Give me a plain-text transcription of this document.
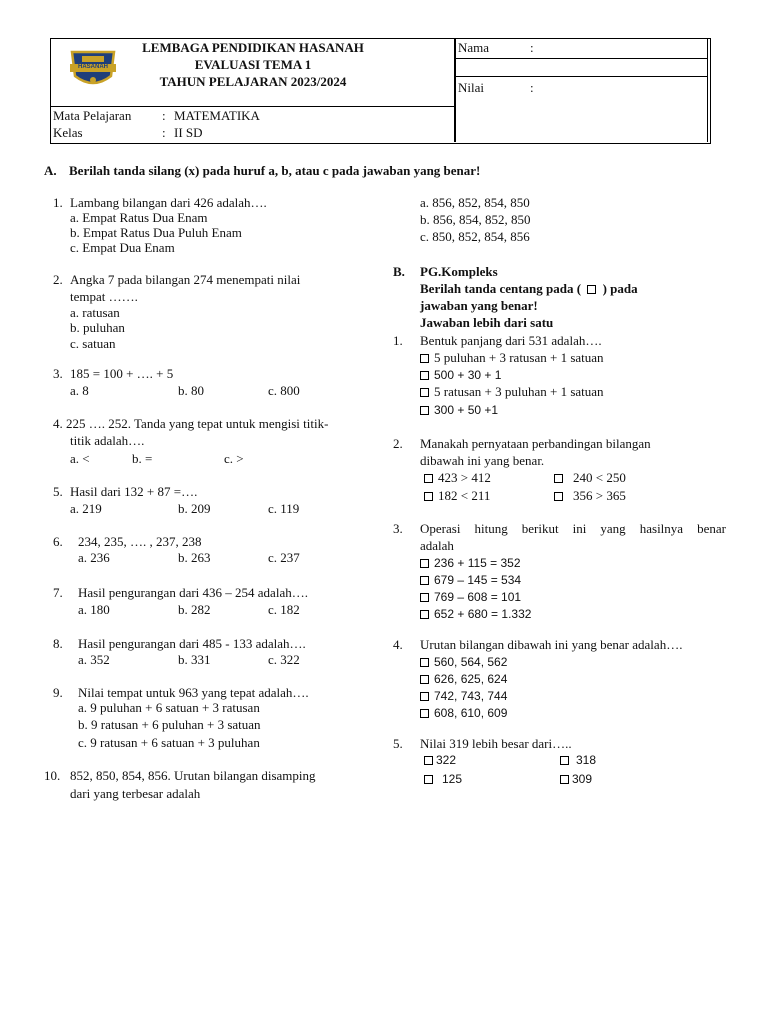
HASANAH
LEMBAGA PENDIDIKAN HASANAH
EVALUASI TEMA 1
TAHUN PELAJARAN 2023/2024
Nama	:
Nilai	:
Mata Pelajaran : MATEMATIKA
Kelas	: II SD
A. Berilah tanda silang (x) pada huruf a, b, atau c pada jawaban yang benar!
1. Lambang bilangan dari 426 adalah….
a. Empat Ratus Dua Enam
b. Empat Ratus Dua Puluh Enam
c. Empat Dua Enam
2. Angka 7 pada bilangan 274 menempati nilai
tempat …….
a. ratusan
b. puluhan
c. satuan
3. 185 = 100 + …. + 5
a. 8	b. 80	c. 800
4. 225 …. 252. Tanda yang tepat untuk mengisi titik-
titik adalah….
a. <	b. =	c. >
5. Hasil dari 132 + 87 =….
a. 219	b. 209	c. 119
6. 234, 235, …. , 237, 238
a. 236	b. 263	c. 237
7. Hasil pengurangan dari 436 – 254 adalah….
a. 180	b. 282	c. 182
8. Hasil pengurangan dari 485 - 133 adalah….
a. 352	b. 331	c. 322
9. Nilai tempat untuk 963 yang tepat adalah….
a. 9 puluhan + 6 satuan + 3 ratusan
b. 9 ratusan + 6 puluhan + 3 satuan
c. 9 ratusan + 6 satuan + 3 puluhan
10. 852, 850, 854, 856. Urutan bilangan disamping
dari yang terbesar adalah
a. 856, 852, 854, 850
b. 856, 854, 852, 850
c. 850, 852, 854, 856
B. PG.Kompleks
Berilah tanda centang pada ( ) pada
jawaban yang benar!
Jawaban lebih dari satu
1. Bentuk panjang dari 531 adalah….
5 puluhan + 3 ratusan + 1 satuan
500 + 30 + 1
5 ratusan + 3 puluhan + 1 satuan
300 + 50 +1
2. Manakah pernyataan perbandingan bilangan
dibawah ini yang benar.
423 > 412	240 < 250
182 < 211	356 > 365
3. Operasi hitung berikut ini yang hasilnya benar
adalah
236 + 115 = 352
679 – 145 = 534
769 – 608 = 101
652 + 680 = 1.332
4. Urutan bilangan dibawah ini yang benar adalah….
560, 564, 562
626, 625, 624
742, 743, 744
608, 610, 609
5. Nilai 319 lebih besar dari…..
322	318
125	309
